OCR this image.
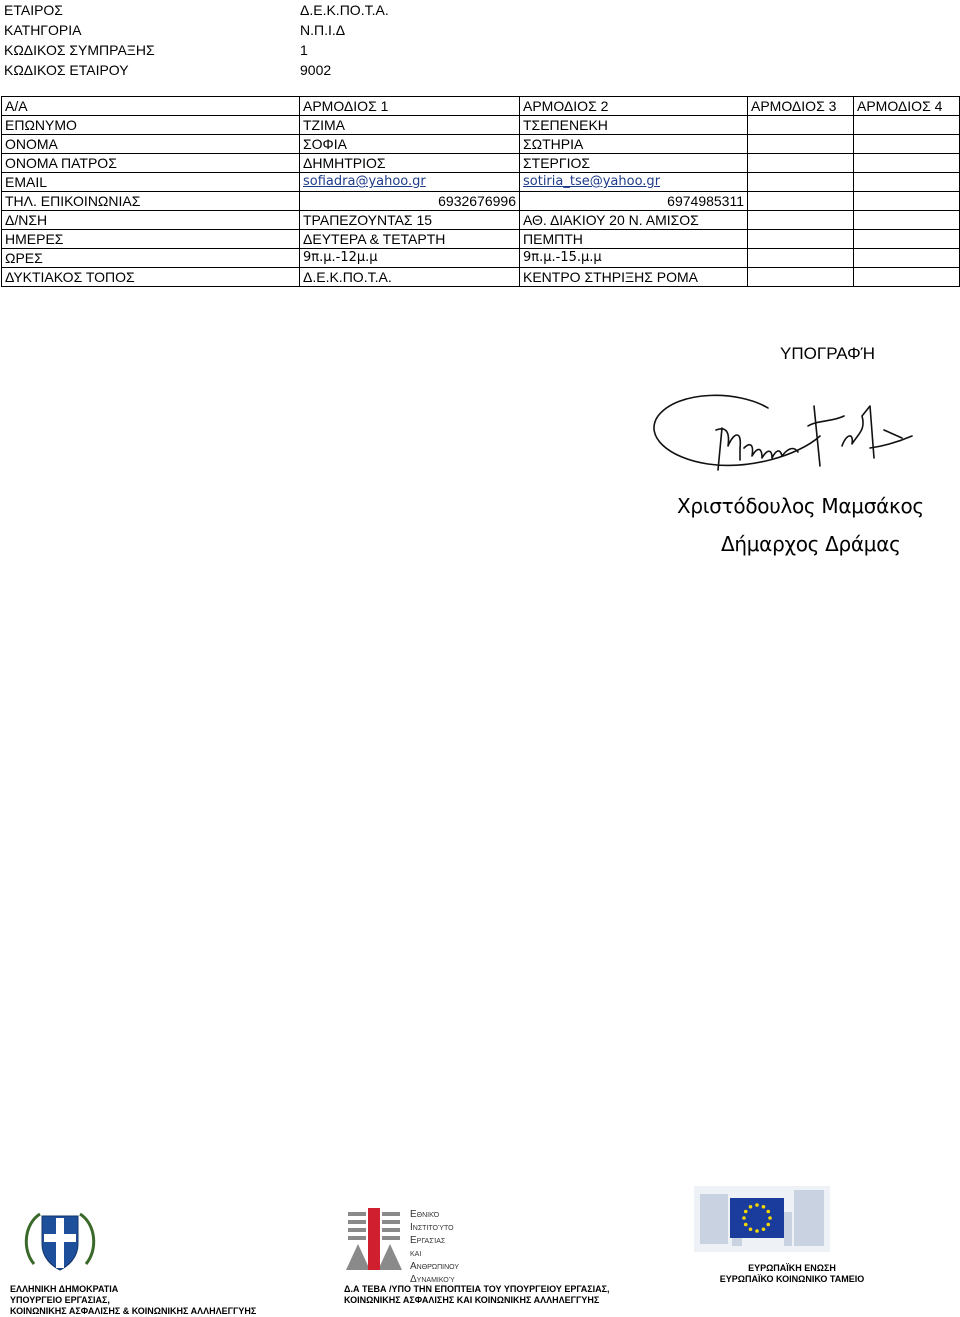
ΕΤΑΙΡΟΣ	Δ.Ε.Κ.ΠΟ.Τ.Α.
ΚΑΤΗΓΟΡΙΑ	Ν.Π.Ι.Δ
ΚΩΔΙΚΟΣ ΣΥΜΠΡΑΞΗΣ	1
ΚΩΔΙΚΟΣ ΕΤΑΙΡΟΥ	9002
Α/Α	ΑΡΜΟΔΙΟΣ 1	ΑΡΜΟΔΙΟΣ 2	ΑΡΜΟΔΙΟΣ 3	ΑΡΜΟΔΙΟΣ 4
ΕΠΩΝΥΜΟ	ΤΖΙΜΑ	ΤΣΕΠΕΝΕΚΗ		
ΟΝΟΜΑ	ΣΟΦΙΑ	ΣΩΤΗΡΙΑ		
ΟΝΟΜΑ ΠΑΤΡΟΣ	ΔΗΜΗΤΡΙΟΣ	ΣΤΕΡΓΙΟΣ		
EMAIL	sofiadra@yahoo.gr	sotiria_tse@yahoo.gr		
ΤΗΛ. ΕΠΙΚΟΙΝΩΝΙΑΣ	6932676996	6974985311		
Δ/ΝΣΗ	ΤΡΑΠΕΖΟΥΝΤΑΣ 15	ΑΘ. ΔΙΑΚΙΟΥ 20 Ν. ΑΜΙΣΟΣ		
ΗΜΕΡΕΣ	ΔΕΥΤΕΡΑ & ΤΕΤΑΡΤΗ	ΠΕΜΠΤΗ		
ΩΡΕΣ	9π.μ.-12μ.μ	9π.μ.-15.μ.μ		
ΔΥΚΤΙΑΚΟΣ ΤΟΠΟΣ	Δ.Ε.Κ.ΠΟ.Τ.Α.	ΚΕΝΤΡΟ ΣΤΗΡΙΞΗΣ ΡΟΜΑ		
ΥΠΟΓΡΑΦΉ
Χριστόδουλος Μαμσάκος
Δήμαρχος Δράμας
ΕΛΛΗΝΙΚΗ ΔΗΜΟΚΡΑΤΙΑ
ΥΠΟΥΡΓΕΙΟ ΕΡΓΑΣΙΑΣ,
ΚΟΙΝΩΝΙΚΗΣ ΑΣΦΑΛΙΣΗΣ & ΚΟΙΝΩΝΙΚΗΣ ΑΛΛΗΛΕΓΓΥΗΣ
Εθνικό
Ινστιτούτο
Εργασίας και
Ανθρώπινου
Δυναμικού
Δ.Α ΤΕΒΑ /ΥΠΟ ΤΗΝ ΕΠΟΠΤΕΙΑ ΤΟΥ ΥΠΟΥΡΓΕΙΟΥ ΕΡΓΑΣΙΑΣ,
ΚΟΙΝΩΝΙΚΗΣ ΑΣΦΑΛΙΣΗΣ ΚΑΙ ΚΟΙΝΩΝΙΚΗΣ ΑΛΛΗΛΕΓΓΥΗΣ
ΕΥΡΩΠΑΪΚΗ ΕΝΩΣΗ
ΕΥΡΩΠΑΪΚΟ ΚΟΙΝΩΝΙΚΟ ΤΑΜΕΙΟ
